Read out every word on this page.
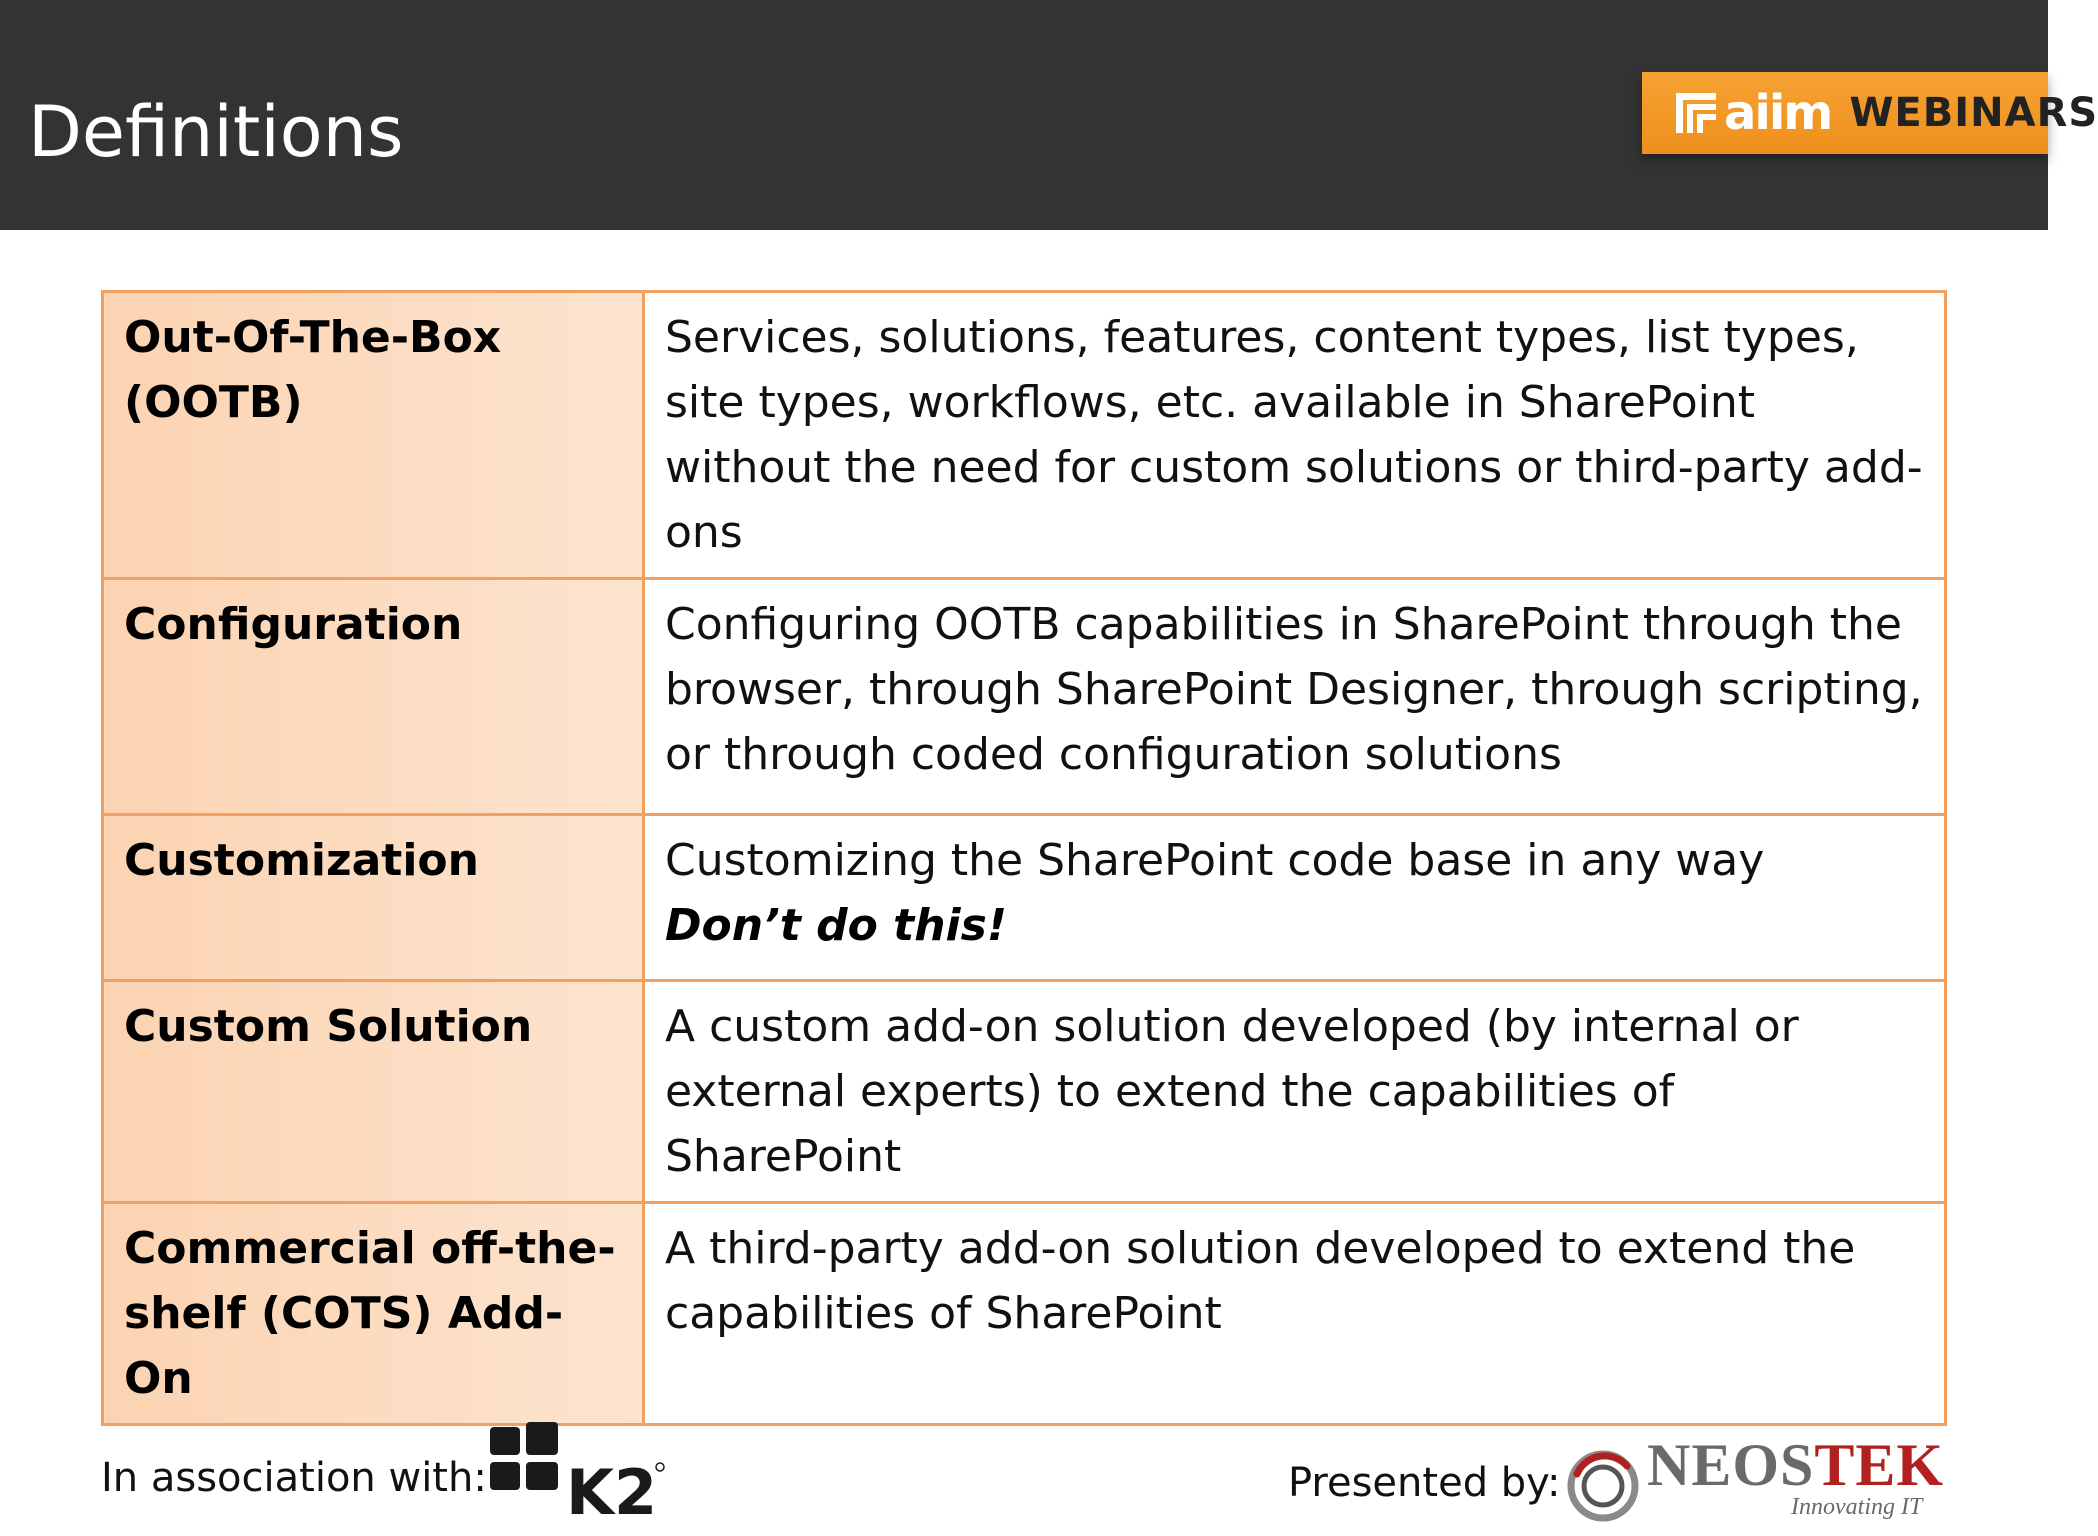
Definitions	aiim WEBINARS
Out-Of-The-Box (OOTB)	Services, solutions, features, content types, list types, site types, workflows, etc. available in SharePoint without the need for custom solutions or third-party add-ons
Configuration	Configuring OOTB capabilities in SharePoint through the browser, through SharePoint Designer, through scripting, or through coded configuration solutions
Customization	Customizing the SharePoint code base in any way
Don’t do this!

Custom Solution	A custom add-on solution developed (by internal or external experts) to extend the capabilities of SharePoint
Commercial off-the-shelf (COTS) Add-On	A third-party add-on solution developed to extend the capabilities of SharePoint
In association with: K2	Presented by: NEOSTEK
Innovating IT
